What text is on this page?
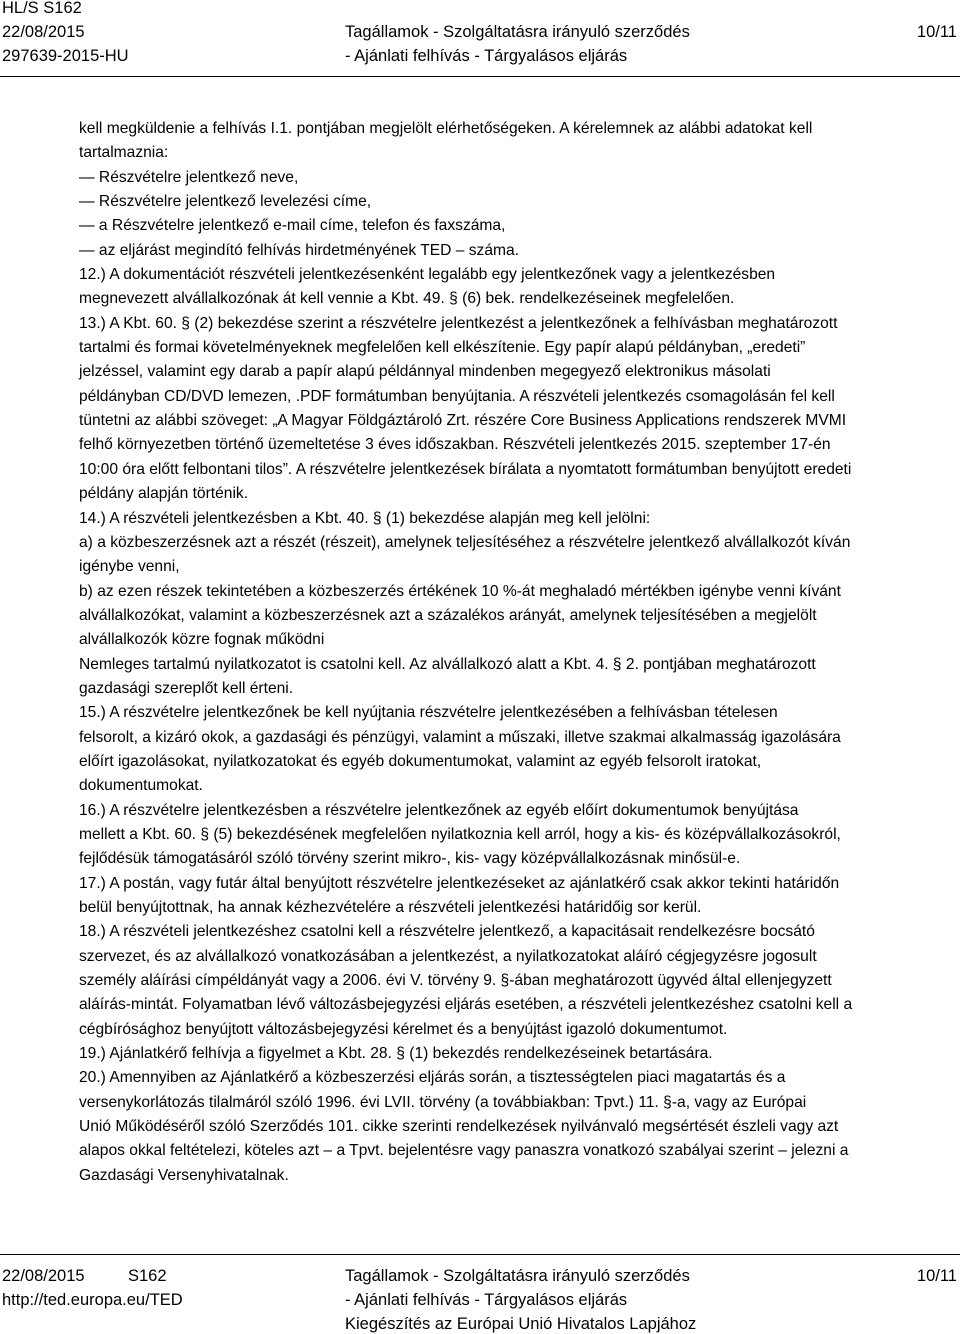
HL/S S162
22/08/2015
297639-2015-HU
Tagállamok - Szolgáltatásra irányuló szerződés
- Ajánlati felhívás - Tárgyalásos eljárás
10/11

kell megküldenie a felhívás I.1. pontjában megjelölt elérhetőségeken. A kérelemnek az alábbi adatokat kell

tartalmaznia:

— Részvételre jelentkező neve,

— Részvételre jelentkező levelezési címe,

— a Részvételre jelentkező e-mail címe, telefon és faxszáma,

— az eljárást megindító felhívás hirdetményének TED – száma.

12.) A dokumentációt részvételi jelentkezésenként legalább egy jelentkezőnek vagy a jelentkezésben

megnevezett alvállalkozónak át kell vennie a Kbt. 49. § (6) bek. rendelkezéseinek megfelelően.

13.) A Kbt. 60. § (2) bekezdése szerint a részvételre jelentkezést a jelentkezőnek a felhívásban meghatározott

tartalmi és formai követelményeknek megfelelően kell elkészítenie. Egy papír alapú példányban, „eredeti”

jelzéssel, valamint egy darab a papír alapú példánnyal mindenben megegyező elektronikus másolati

példányban CD/DVD lemezen, .PDF formátumban benyújtania. A részvételi jelentkezés csomagolásán fel kell

tüntetni az alábbi szöveget: „A Magyar Földgáztároló Zrt. részére Core Business Applications rendszerek MVMI

felhő környezetben történő üzemeltetése 3 éves időszakban. Részvételi jelentkezés 2015. szeptember 17-én

10:00 óra előtt felbontani tilos”. A részvételre jelentkezések bírálata a nyomtatott formátumban benyújtott eredeti

példány alapján történik.

14.) A részvételi jelentkezésben a Kbt. 40. § (1) bekezdése alapján meg kell jelölni:

a) a közbeszerzésnek azt a részét (részeit), amelynek teljesítéséhez a részvételre jelentkező alvállalkozót kíván

igénybe venni,

b) az ezen részek tekintetében a közbeszerzés értékének 10 %-át meghaladó mértékben igénybe venni kívánt

alvállalkozókat, valamint a közbeszerzésnek azt a százalékos arányát, amelynek teljesítésében a megjelölt

alvállalkozók közre fognak működni

Nemleges tartalmú nyilatkozatot is csatolni kell. Az alvállalkozó alatt a Kbt. 4. § 2. pontjában meghatározott

gazdasági szereplőt kell érteni.

15.) A részvételre jelentkezőnek be kell nyújtania részvételre jelentkezésében a felhívásban tételesen

felsorolt, a kizáró okok, a gazdasági és pénzügyi, valamint a műszaki, illetve szakmai alkalmasság igazolására

előírt igazolásokat, nyilatkozatokat és egyéb dokumentumokat, valamint az egyéb felsorolt iratokat,

dokumentumokat.

16.) A részvételre jelentkezésben a részvételre jelentkezőnek az egyéb előírt dokumentumok benyújtása

mellett a Kbt. 60. § (5) bekezdésének megfelelően nyilatkoznia kell arról, hogy a kis- és középvállalkozásokról,

fejlődésük támogatásáról szóló törvény szerint mikro-, kis- vagy középvállalkozásnak minősül-e.

17.) A postán, vagy futár által benyújtott részvételre jelentkezéseket az ajánlatkérő csak akkor tekinti határidőn

belül benyújtottnak, ha annak kézhezvételére a részvételi jelentkezési határidőig sor kerül.

18.) A részvételi jelentkezéshez csatolni kell a részvételre jelentkező, a kapacitásait rendelkezésre bocsátó

szervezet, és az alvállalkozó vonatkozásában a jelentkezést, a nyilatkozatokat aláíró cégjegyzésre jogosult

személy aláírási címpéldányát vagy a 2006. évi V. törvény 9. §-ában meghatározott ügyvéd által ellenjegyzett

aláírás-mintát. Folyamatban lévő változásbejegyzési eljárás esetében, a részvételi jelentkezéshez csatolni kell a

cégbírósághoz benyújtott változásbejegyzési kérelmet és a benyújtást igazoló dokumentumot.

19.) Ajánlatkérő felhívja a figyelmet a Kbt. 28. § (1) bekezdés rendelkezéseinek betartására.

20.) Amennyiben az Ajánlatkérő a közbeszerzési eljárás során, a tisztességtelen piaci magatartás és a

versenykorlátozás tilalmáról szóló 1996. évi LVII. törvény (a továbbiakban: Tpvt.) 11. §-a, vagy az Európai

Unió Működéséről szóló Szerződés 101. cikke szerinti rendelkezések nyilvánvaló megsértését észleli vagy azt

alapos okkal feltételezi, köteles azt – a Tpvt. bejelentésre vagy panaszra vonatkozó szabályai szerint – jelezni a

Gazdasági Versenyhivatalnak.

22/08/2015	S162
http://ted.europa.eu/TED
Tagállamok - Szolgáltatásra irányuló szerződés
- Ajánlati felhívás - Tárgyalásos eljárás
Kiegészítés az Európai Unió Hivatalos Lapjához
10/11
